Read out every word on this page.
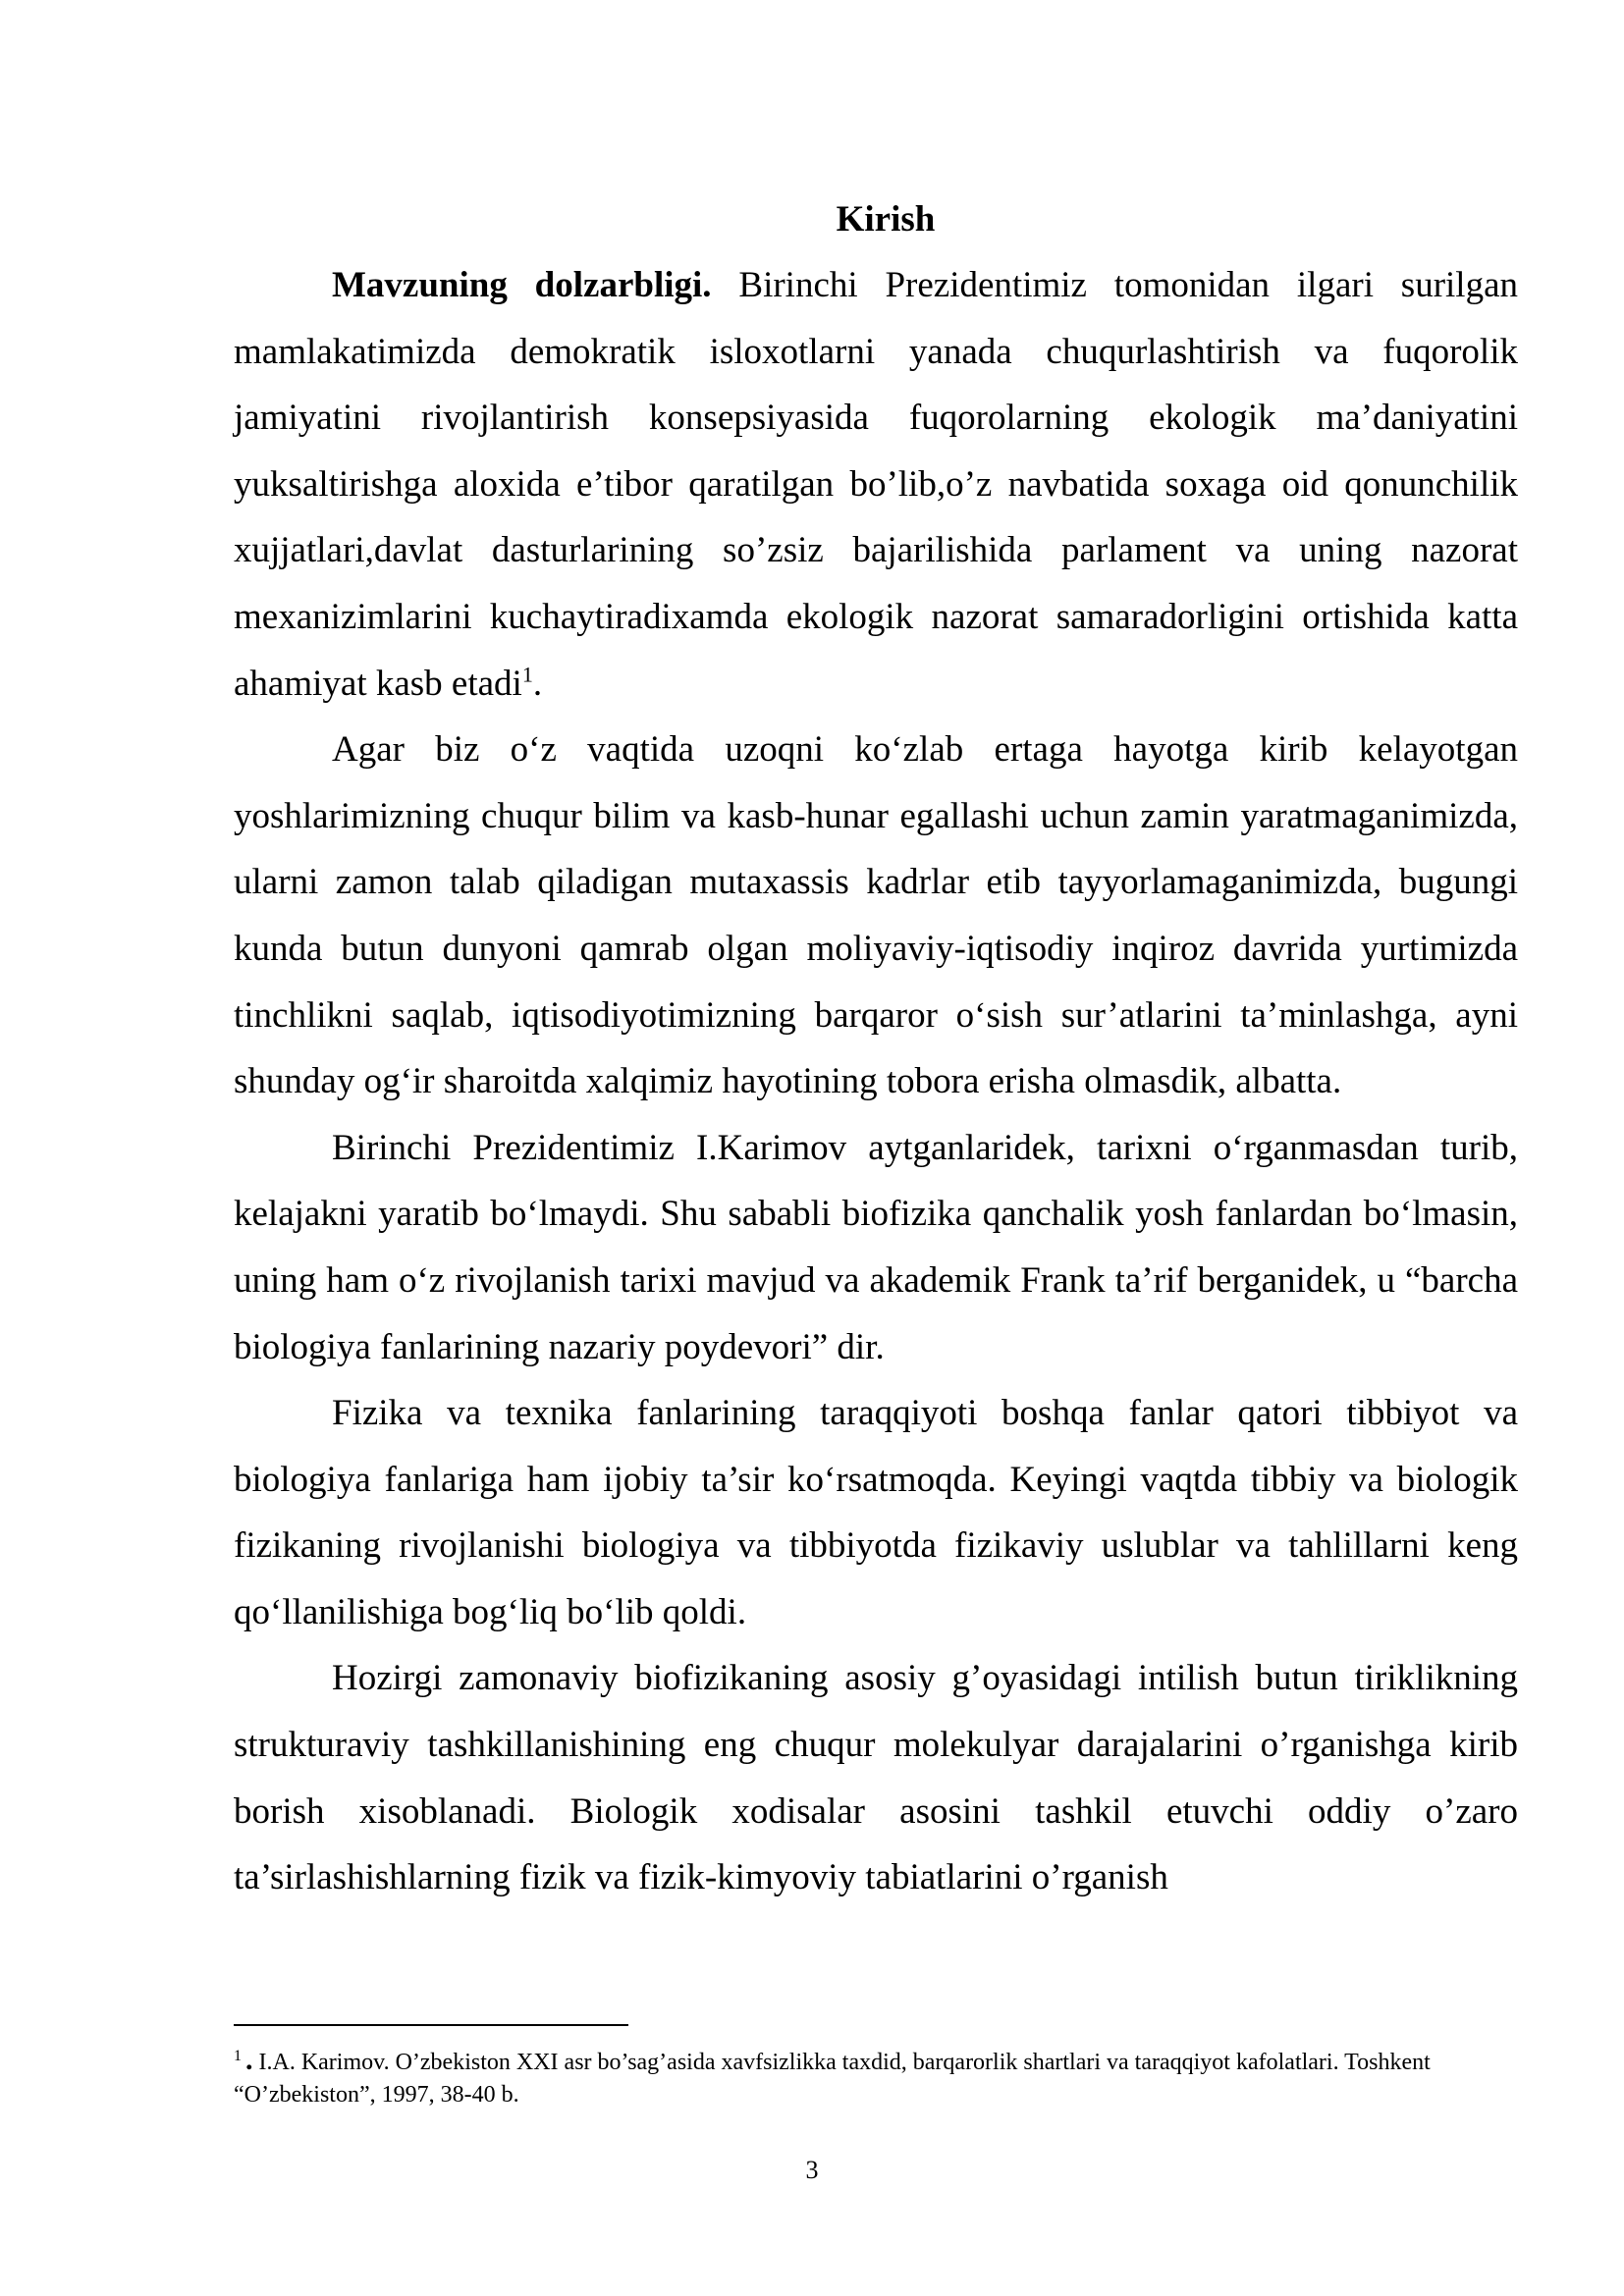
Kirish

Mavzuning dolzarbligi. Birinchi Prezidentimiz tomonidan ilgari surilgan mamlakatimizda demokratik isloxotlarni yanada chuqurlashtirish va fuqorolik jamiyatini rivojlantirish konsepsiyasida fuqorolarning ekologik ma’daniyatini yuksaltirishga aloxida e’tibor qaratilgan bo’lib,o’z navbatida soxaga oid qonunchilik xujjatlari,davlat dasturlarining so’zsiz bajarilishida parlament va uning nazorat mexanizimlarini kuchaytiradixamda ekologik nazorat samaradorligini ortishida katta ahamiyat kasb etadi$^1$.

Agar biz o‘z vaqtida uzoqni ko‘zlab ertaga hayotga kirib kelayotgan yoshlarimizning chuqur bilim va kasb-hunar egallashi uchun zamin yaratmaganimizda, ularni zamon talab qiladigan mutaxassis kadrlar etib tayyorlamaganimizda, bugungi kunda butun dunyoni qamrab olgan moliyaviy-iqtisodiy inqiroz davrida yurtimizda tinchlikni saqlab, iqtisodiyotimizning barqaror o‘sish sur’atlarini ta’minlashga, ayni shunday og‘ir sharoitda xalqimiz hayotining tobora erisha olmasdik, albatta.

Birinchi Prezidentimiz I.Karimov aytganlaridek, tarixni o‘rganmasdan turib, kelajakni yaratib bo‘lmaydi. Shu sababli biofizika qanchalik yosh fanlardan bo‘lmasin, uning ham o‘z rivojlanish tarixi mavjud va akademik Frank ta’rif berganidek, u “barcha biologiya fanlarining nazariy poydevori” dir.

Fizika va texnika fanlarining taraqqiyoti boshqa fanlar qatori tibbiyot va biologiya fanlariga ham ijobiy ta’sir ko‘rsatmoqda. Keyingi vaqtda tibbiy va biologik fizikaning rivojlanishi biologiya va tibbiyotda fizikaviy uslublar va tahlillarni keng qo‘llanilishiga bog‘liq bo‘lib qoldi.

Hozirgi zamonaviy biofizikaning asosiy g’oyasidagi intilish butun tiriklikning strukturaviy tashkillanishining eng chuqur molekulyar darajalarini o’rganishga kirib borish xisoblanadi. Biologik xodisalar asosini tashkil etuvchi oddiy o’zaro ta’sirlashishlarning fizik va fizik-kimyoviy tabiatlarini o’rganish

$^1$ . I.A. Karimov. O’zbekiston XXI asr bo’sag’asida xavfsizlikka taxdid, barqarorlik shartlari va taraqqiyot kafolatlari. Toshkent “O’zbekiston”, 1997, 38-40 b.

3
